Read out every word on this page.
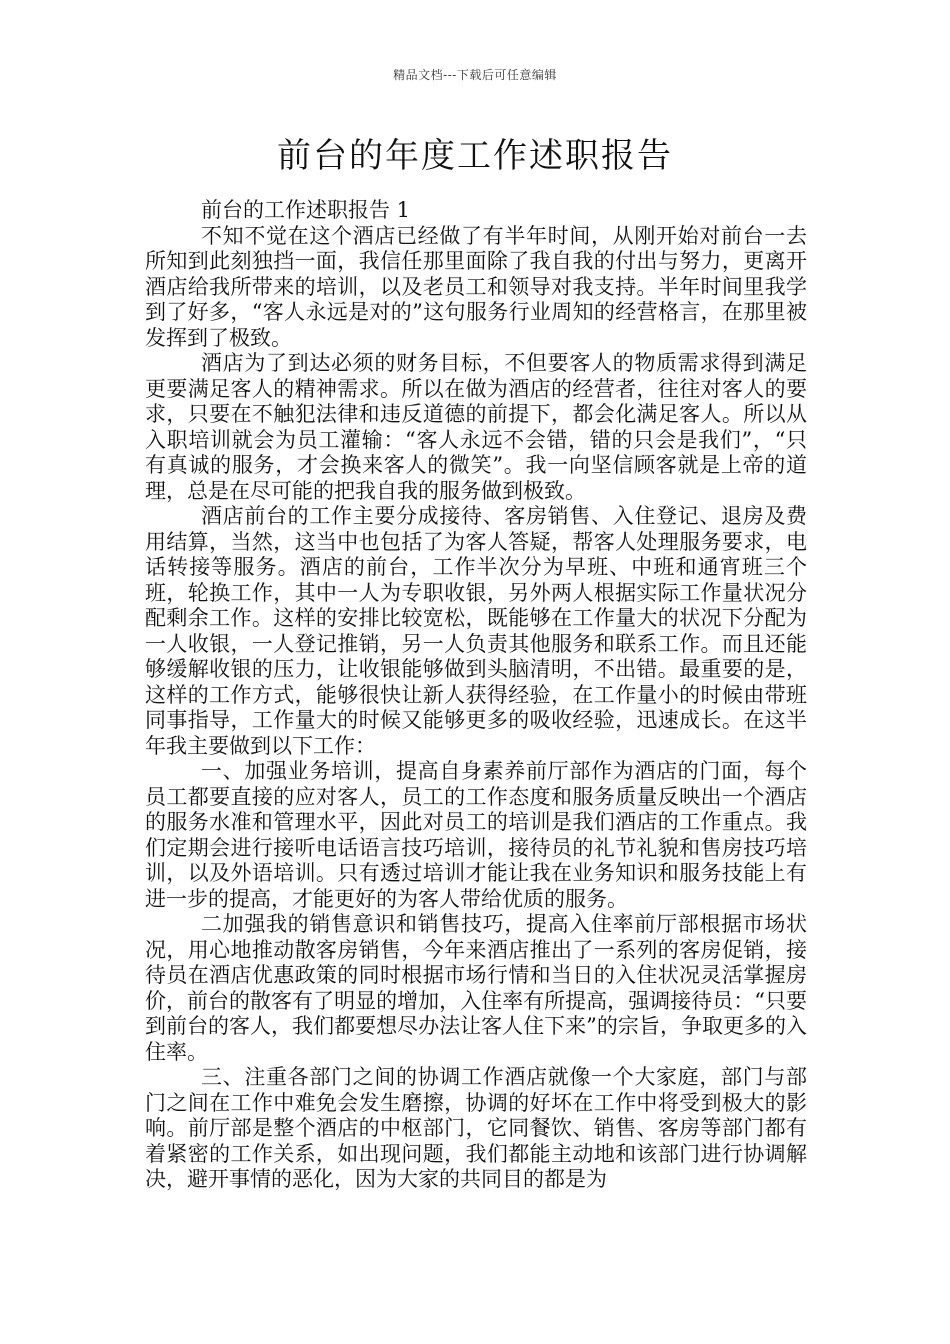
精品文档---下载后可任意编辑
前台的年度工作述职报告

前台的工作述职报告 1

不知不觉在这个酒店已经做了有半年时间，从刚开始对前台一去所知到此刻独挡一面，我信任那里面除了我自我的付出与努力，更离开酒店给我所带来的培训，以及老员工和领导对我支持。半年时间里我学到了好多，“客人永远是对的”这句服务行业周知的经营格言，在那里被发挥到了极致。

酒店为了到达必须的财务目标，不但要客人的物质需求得到满足更要满足客人的精神需求。所以在做为酒店的经营者，往往对客人的要求，只要在不触犯法律和违反道德的前提下，都会化满足客人。所以从入职培训就会为员工灌输：“客人永远不会错，错的只会是我们”，“只有真诚的服务，才会换来客人的微笑”。我一向坚信顾客就是上帝的道理，总是在尽可能的把我自我的服务做到极致。

酒店前台的工作主要分成接待、客房销售、入住登记、退房及费用结算，当然，这当中也包括了为客人答疑，帮客人处理服务要求，电话转接等服务。酒店的前台，工作半次分为早班、中班和通宵班三个班，轮换工作，其中一人为专职收银，另外两人根据实际工作量状况分配剩余工作。这样的安排比较宽松，既能够在工作量大的状况下分配为一人收银，一人登记推销，另一人负责其他服务和联系工作。而且还能够缓解收银的压力，让收银能够做到头脑清明，不出错。最重要的是，这样的工作方式，能够很快让新人获得经验，在工作量小的时候由带班同事指导，工作量大的时候又能够更多的吸收经验，迅速成长。在这半年我主要做到以下工作：

一、加强业务培训，提高自身素养前厅部作为酒店的门面，每个员工都要直接的应对客人，员工的工作态度和服务质量反映出一个酒店的服务水准和管理水平，因此对员工的培训是我们酒店的工作重点。我们定期会进行接听电话语言技巧培训，接待员的礼节礼貌和售房技巧培训，以及外语培训。只有透过培训才能让我在业务知识和服务技能上有进一步的提高，才能更好的为客人带给优质的服务。

二加强我的销售意识和销售技巧，提高入住率前厅部根据市场状况，用心地推动散客房销售，今年来酒店推出了一系列的客房促销，接待员在酒店优惠政策的同时根据市场行情和当日的入住状况灵活掌握房价，前台的散客有了明显的增加，入住率有所提高，强调接待员：“只要到前台的客人，我们都要想尽办法让客人住下来”的宗旨，争取更多的入住率。

三、注重各部门之间的协调工作酒店就像一个大家庭，部门与部门之间在工作中难免会发生磨擦，协调的好坏在工作中将受到极大的影响。前厅部是整个酒店的中枢部门，它同餐饮、销售、客房等部门都有着紧密的工作关系，如出现问题，我们都能主动地和该部门进行协调解决，避开事情的恶化，因为大家的共同目的都是为
